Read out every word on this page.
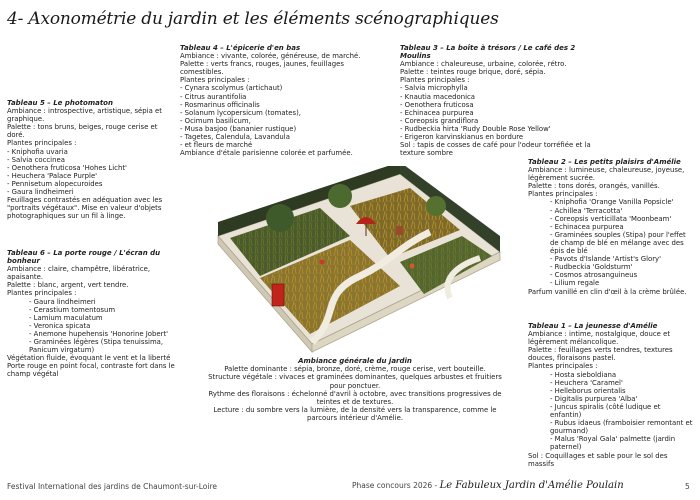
4- Axonométrie du jardin et les éléments scénographiques
Tableau 4 – L'épicerie d'en bas

Ambiance : vivante, colorée, généreuse, de marché.

Palette : verts francs, rouges, jaunes, feuillages comestibles.

Plantes principales :

- Cynara scolymus (artichaut)
- Citrus aurantifolia
- Rosmarinus officinalis
- Solanum lycopersicum (tomates),
- Ocimum basilicum,
- Musa basjoo (bananier rustique)
- Tagetes, Calendula, Lavandula
- et fleurs de marché

Ambiance d'étale parisienne colorée et parfumée.

Tableau 3 – La boîte à trésors / Le café des 2 Moulins

Ambiance : chaleureuse, urbaine, colorée, rétro.

Palette : teintes rouge brique, doré, sépia.

Plantes principales :

- Salvia microphylla
- Knautia macedonica
- Oenothera fruticosa
- Echinacea purpurea
- Coreopsis grandiflora
- Rudbeckia hirta 'Rudy Double Rose Yellow'
- Erigeron karvinskianus en bordure

Sol : tapis de cosses de café pour l'odeur torréfiée et la texture sombre

Tableau 5 – Le photomaton

Ambiance : introspective, artistique, sépia et graphique.

Palette : tons bruns, beiges, rouge cerise et doré.

Plantes principales :

- Kniphofia uvaria
- Salvia coccinea
- Oenothera fruticosa 'Hohes Licht'
- Heuchera 'Palace Purple'
- Pennisetum alopecuroides
- Gaura lindheimeri

Feuillages contrastés en adéquation avec les "portraits végétaux". Mise en valeur d'objets photographiques sur un fil à linge.

Tableau 6 – La porte rouge / L'écran du bonheur

Ambiance : claire, champêtre, libératrice, apaisante.

Palette : blanc, argent, vert tendre.

Plantes principales :

- Gaura lindheimeri
- Cerastium tomentosum
- Lamium maculatum
- Veronica spicata
- Anemone hupehensis 'Honorine Jobert'
- Graminées légères (Stipa tenuissima, Panicum virgatum)

Végétation fluide, évoquant le vent et la liberté Porte rouge en point focal, contraste fort dans le champ végétal

Tableau 2 – Les petits plaisirs d'Amélie

Ambiance : lumineuse, chaleureuse, joyeuse, légèrement sucrée.

Palette : tons dorés, orangés, vanillés.

Plantes principales :

- Kniphofia 'Orange Vanilla Popsicle'
- Achillea 'Terracotta'
- Coreopsis verticillata 'Moonbeam'
- Echinacea purpurea
- Graminées souples (Stipa) pour l'effet de champ de blé en mélange avec des épis de blé
- Pavots d'Islande 'Artist's Glory'
- Rudbeckia 'Goldsturm'
- Cosmos atrosanguineus
- Lilium regale

Parfum vanillé en clin d'œil à la crème brûlée.

Tableau 1 – La jeunesse d'Amélie

Ambiance : intime, nostalgique, douce et légèrement mélancolique.

Palette : feuillages verts tendres, textures douces, floraisons pastel.

Plantes principales :

- Hosta sieboldiana
- Heuchera 'Caramel'
- Helleborus orientalis
- Digitalis purpurea 'Alba'
- Juncus spiralis (côté ludique et enfantin)
- Rubus idaeus (framboisier remontant et gourmand)
- Malus 'Royal Gala' palmette (jardin paternel)

Sol : Coquillages et sable pour le sol des massifs

Ambiance générale du jardin

Palette dominante : sépia, bronze, doré, crème, rouge cerise, vert bouteille.

Structure végétale : vivaces et graminées dominantes, quelques arbustes et fruitiers pour ponctuer.

Rythme des floraisons : échelonné d'avril à octobre, avec transitions progressives de teintes et de textures.

Lecture : du sombre vers la lumière, de la densité vers la transparence, comme le parcours intérieur d'Amélie.

Festival International des jardins de Chaumont-sur-Loire	Phase concours 2026 - Le Fabuleux Jardin d'Amélie Poulain	5
